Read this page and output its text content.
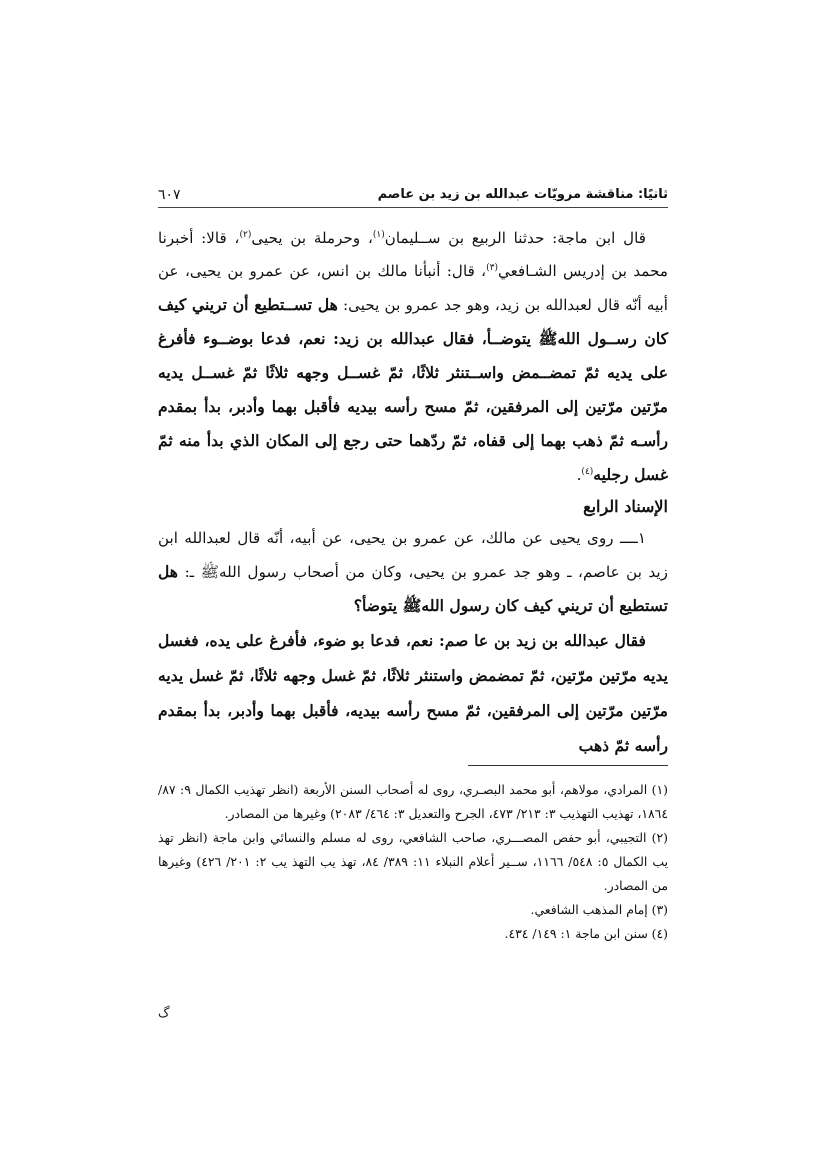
ثانيًا: مناقشة مرويّات عبدالله بن زيد بن عاصم
٦٠٧

قال ابن ماجة: حدثنا الربيع بن ســليمان$^{(١)}$، وحرملة بن يحيى$^{(٢)}$، قالا: أخبرنا محمد بن إدريس الشـافعي$^{(٣)}$، قال: أنبأنا مالك بن انس، عن عمرو بن يحيى، عن أبيه أنّه قال لعبدالله بن زيد، وهو جد عمرو بن يحيى: هل تســتطيع أن تريني كيف كان رســول اللهﷺ يتوضــأ، فقال عبدالله بن زيد: نعم، فدعا بوضــوء فأفرغ على يديه ثمّ تمضــمض واســتنثر ثلاثًا، ثمّ غســل وجهه ثلاثًا ثمّ غســل يديه مرّتين مرّتين إلى المرفقين، ثمّ مسح رأسه بيديه فأقبل بهما وأدبر، بدأ بمقدم رأسـه ثمّ ذهب بهما إلى قفاه، ثمّ ردّهما حتى رجع إلى المكان الذي بدأ منه ثمّ غسل رجليه$^{(٤)}$.

الإسناد الرابع

١ــــ روى يحيى عن مالك، عن عمرو بن يحيى، عن أبيه، أنّه قال لعبدالله ابن زيد بن عاصم، ـ وهو جد عمرو بن يحيى، وكان من أصحاب رسول اللهﷺ ـ: هل تستطيع أن تريني كيف كان رسول اللهﷺ يتوضأ؟

فقال عبدالله بن زيد بن عا صم: نعم، فدعا بو ضوء، فأفرغ على يده، فغسل يديه مرّتين مرّتين، ثمّ تمضمض واستنثر ثلاثًا، ثمّ غسل وجهه ثلاثًا، ثمّ غسل يديه مرّتين مرّتين إلى المرفقين، ثمّ مسح رأسه بيديه، فأقبل بهما وأدبر، بدأ بمقدم رأسه ثمّ ذهب

(١) المرادي، مولاهم، أبو محمد البصـري، روى له أصحاب السنن الأربعة (انظر تهذيب الكمال ٩: ٨٧/ ١٨٦٤، تهذيب التهذيب ٣: ٢١٣/ ٤٧٣، الجرح والتعديل ٣: ٤٦٤/ ٢٠٨٣) وغيرها من المصادر.

(٢) التجيبي، أبو حفص المصـــري، صاحب الشافعي، روى له مسلم والنسائي وابن ماجة (انظر تهذ يب الكمال ٥: ٥٤٨/ ١١٦٦، ســير أعلام النبلاء ١١: ٣٨٩/ ٨٤، تهذ يب التهذ يب ٢: ٢٠١/ ٤٢٦) وغيرها من المصادر.

(٣) إمام المذهب الشافعي.

(٤) سنن ابن ماجة ١: ١٤٩/ ٤٣٤.

ﮒ
